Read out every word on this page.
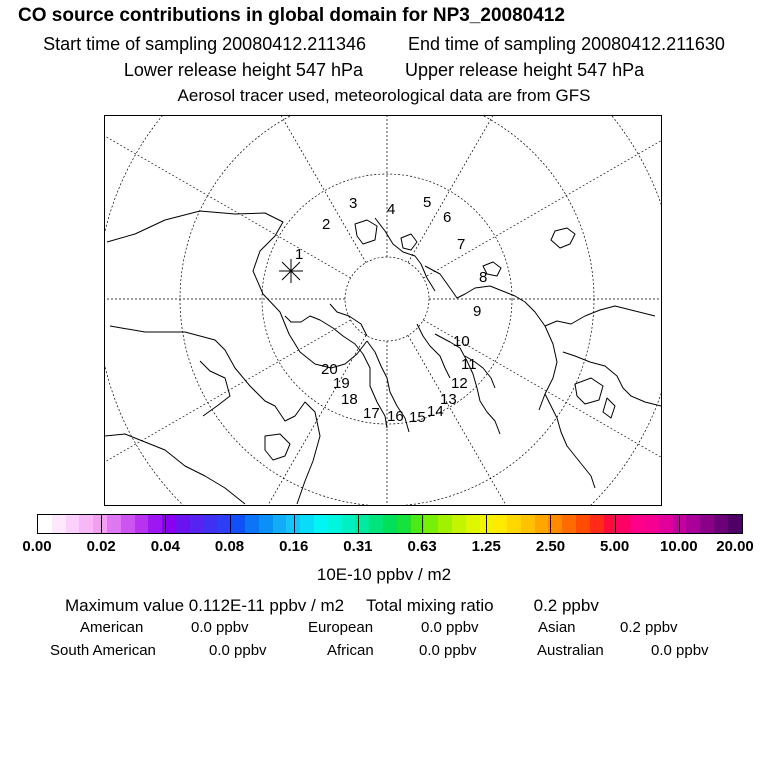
CO source contributions in global domain for NP3_20080412
Start time of sampling 20080412.211346 End time of sampling 20080412.211630
Lower release height 547 hPa Upper release height 547 hPa
Aerosol tracer used, meteorological data are from GFS
1
2
3 4 5
6
7
8
9
10
11
12
13
14
15
16
17
18
19
20
0.00 0.02 0.04 0.08 0.16 0.31 0.63 1.25 2.50 5.00 10.00 20.00
10E-10 ppbv / m2
Maximum value 0.112E-11 ppbv / m2 Total mixing ratio 0.2 ppbv
American	0.0 ppbv	European	0.0 ppbv	Asian	0.2 ppbv
South American	0.0 ppbv	African	0.0 ppbv	Australian	0.0 ppbv
